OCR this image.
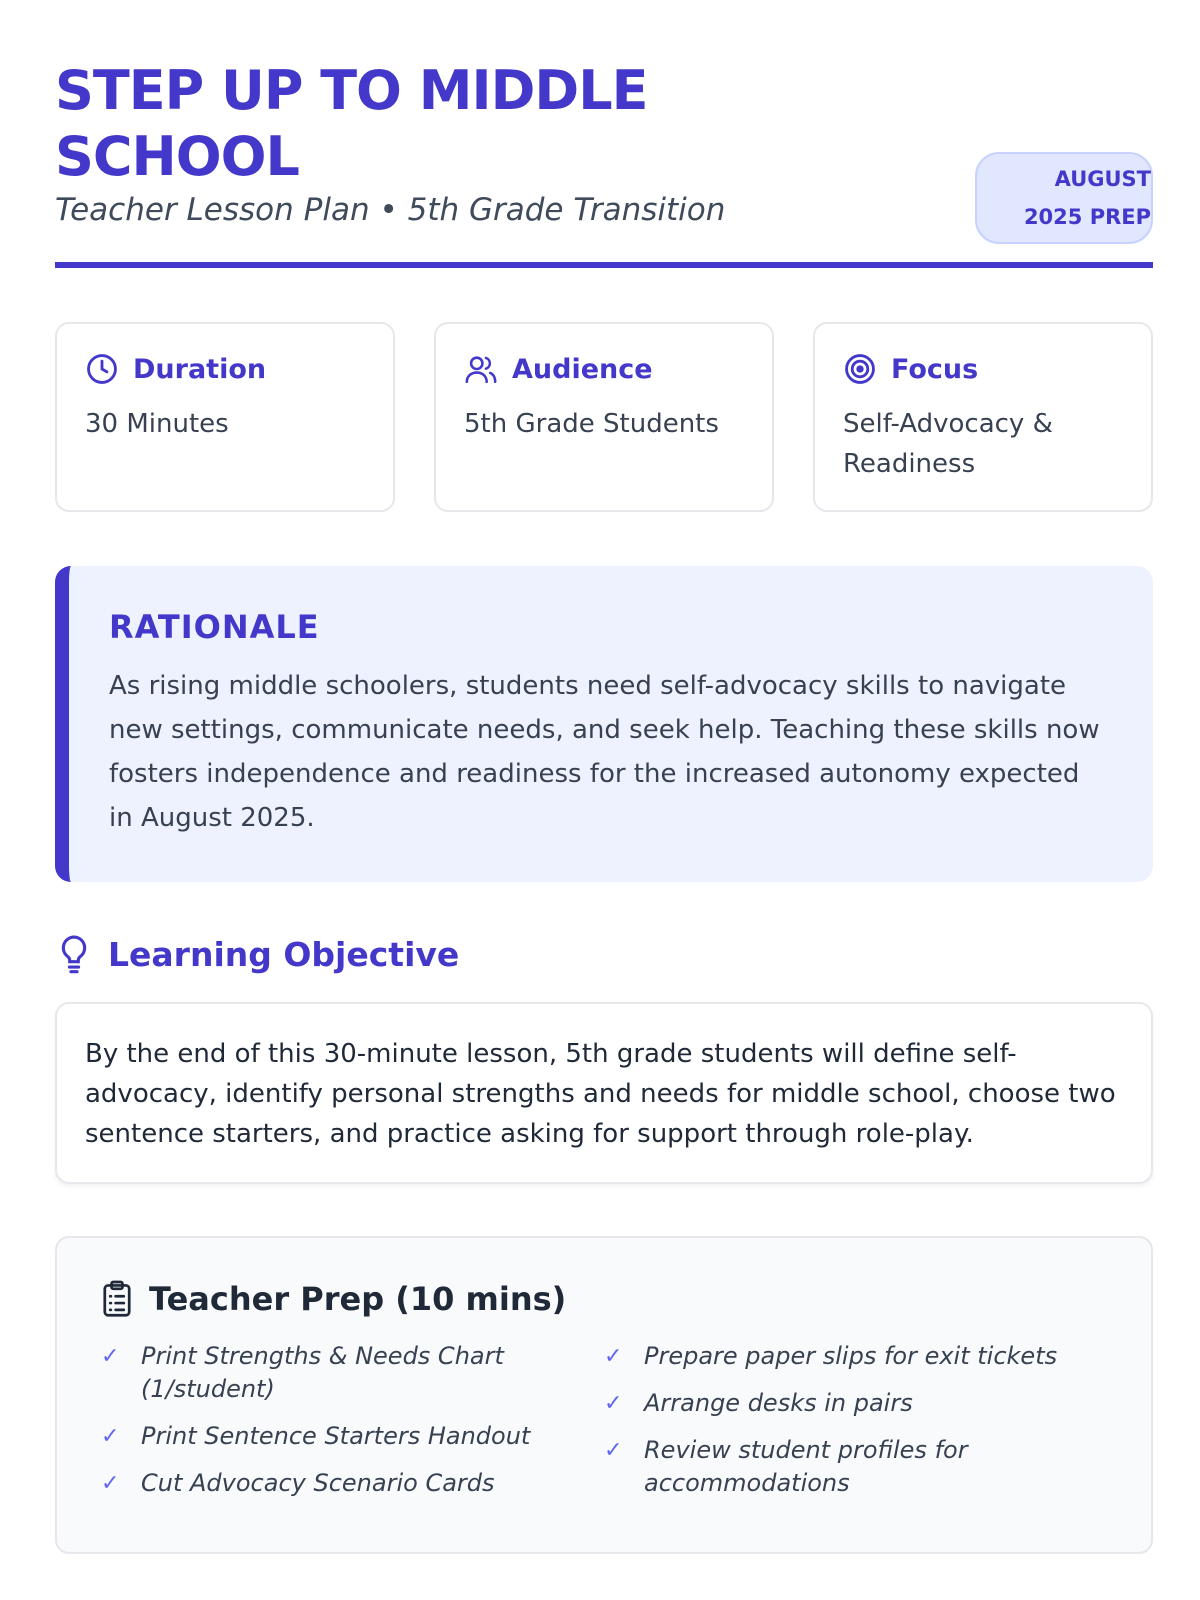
STEP UP TO MIDDLE SCHOOL
Teacher Lesson Plan • 5th Grade Transition
AUGUST 2025 PREP
Duration
30 Minutes
Audience
5th Grade Students
Focus
Self-Advocacy & Readiness
RATIONALE

As rising middle schoolers, students need self-advocacy skills to navigate new settings, communicate needs, and seek help. Teaching these skills now fosters independence and readiness for the increased autonomy expected in August 2025.

Learning Objective

By the end of this 30-minute lesson, 5th grade students will define self-advocacy, identify personal strengths and needs for middle school, choose two sentence starters, and practice asking for support through role-play.

Teacher Prep (10 mins)
✓ Print Strengths & Needs Chart (1/student)
✓ Print Sentence Starters Handout
✓ Cut Advocacy Scenario Cards
✓ Prepare paper slips for exit tickets
✓ Arrange desks in pairs
✓ Review student profiles for accommodations
